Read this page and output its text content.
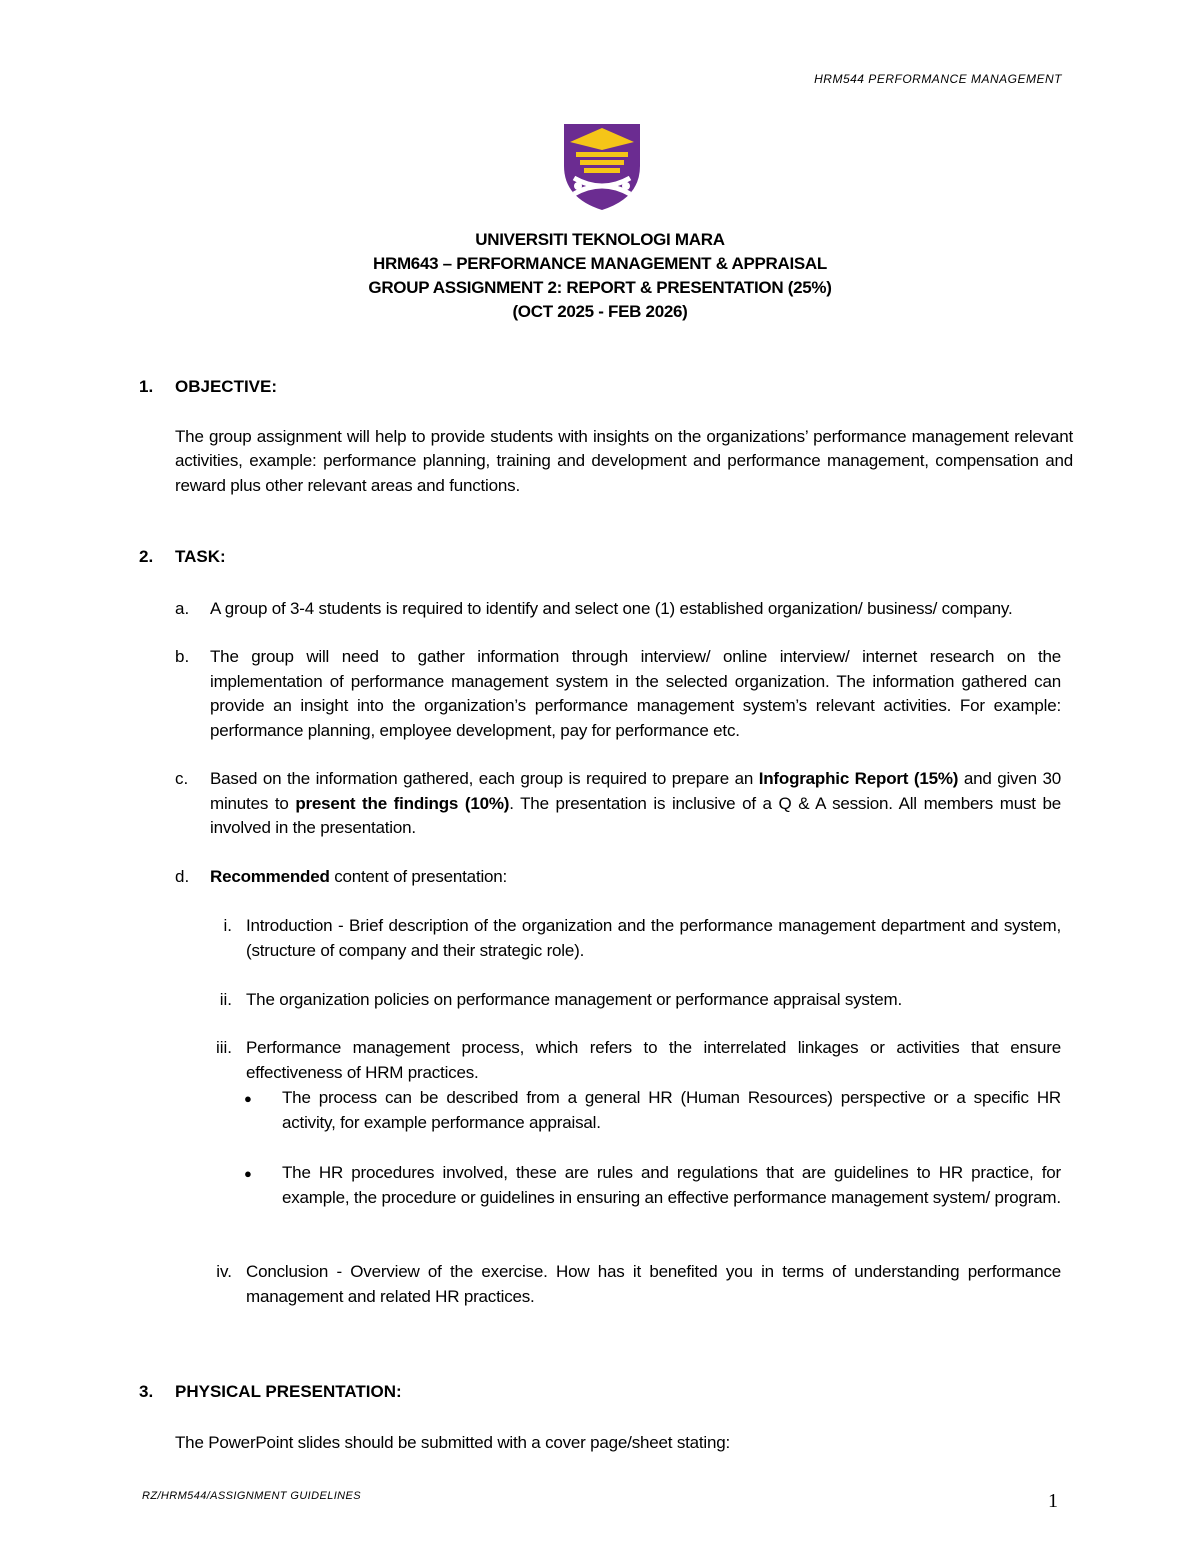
HRM544 PERFORMANCE MANAGEMENT
UNIVERSITI TEKNOLOGI MARA
HRM643 – PERFORMANCE MANAGEMENT & APPRAISAL
GROUP ASSIGNMENT 2: REPORT & PRESENTATION (25%)
(OCT 2025 - FEB 2026)
1. OBJECTIVE:
The group assignment will help to provide students with insights on the organizations’ performance management relevant activities, example: performance planning, training and development and performance management, compensation and reward plus other relevant areas and functions.
2. TASK:
a. A group of 3-4 students is required to identify and select one (1) established organization/ business/ company.
b. The group will need to gather information through interview/ online interview/ internet research on the implementation of performance management system in the selected organization. The information gathered can provide an insight into the organization’s performance management system’s relevant activities. For example: performance planning, employee development, pay for performance etc.
c. Based on the information gathered, each group is required to prepare an Infographic Report (15%) and given 30 minutes to present the findings (10%). The presentation is inclusive of a Q & A session. All members must be involved in the presentation.
d. Recommended content of presentation:
i. Introduction - Brief description of the organization and the performance management department and system, (structure of company and their strategic role).
ii. The organization policies on performance management or performance appraisal system.
iii. Performance management process, which refers to the interrelated linkages or activities that ensure effectiveness of HRM practices.
● The process can be described from a general HR (Human Resources) perspective or a specific HR activity, for example performance appraisal.
● The HR procedures involved, these are rules and regulations that are guidelines to HR practice, for example, the procedure or guidelines in ensuring an effective performance management system/ program.
iv. Conclusion - Overview of the exercise. How has it benefited you in terms of understanding performance management and related HR practices.
3. PHYSICAL PRESENTATION:
The PowerPoint slides should be submitted with a cover page/sheet stating:
RZ/HRM544/ASSIGNMENT GUIDELINES	1
